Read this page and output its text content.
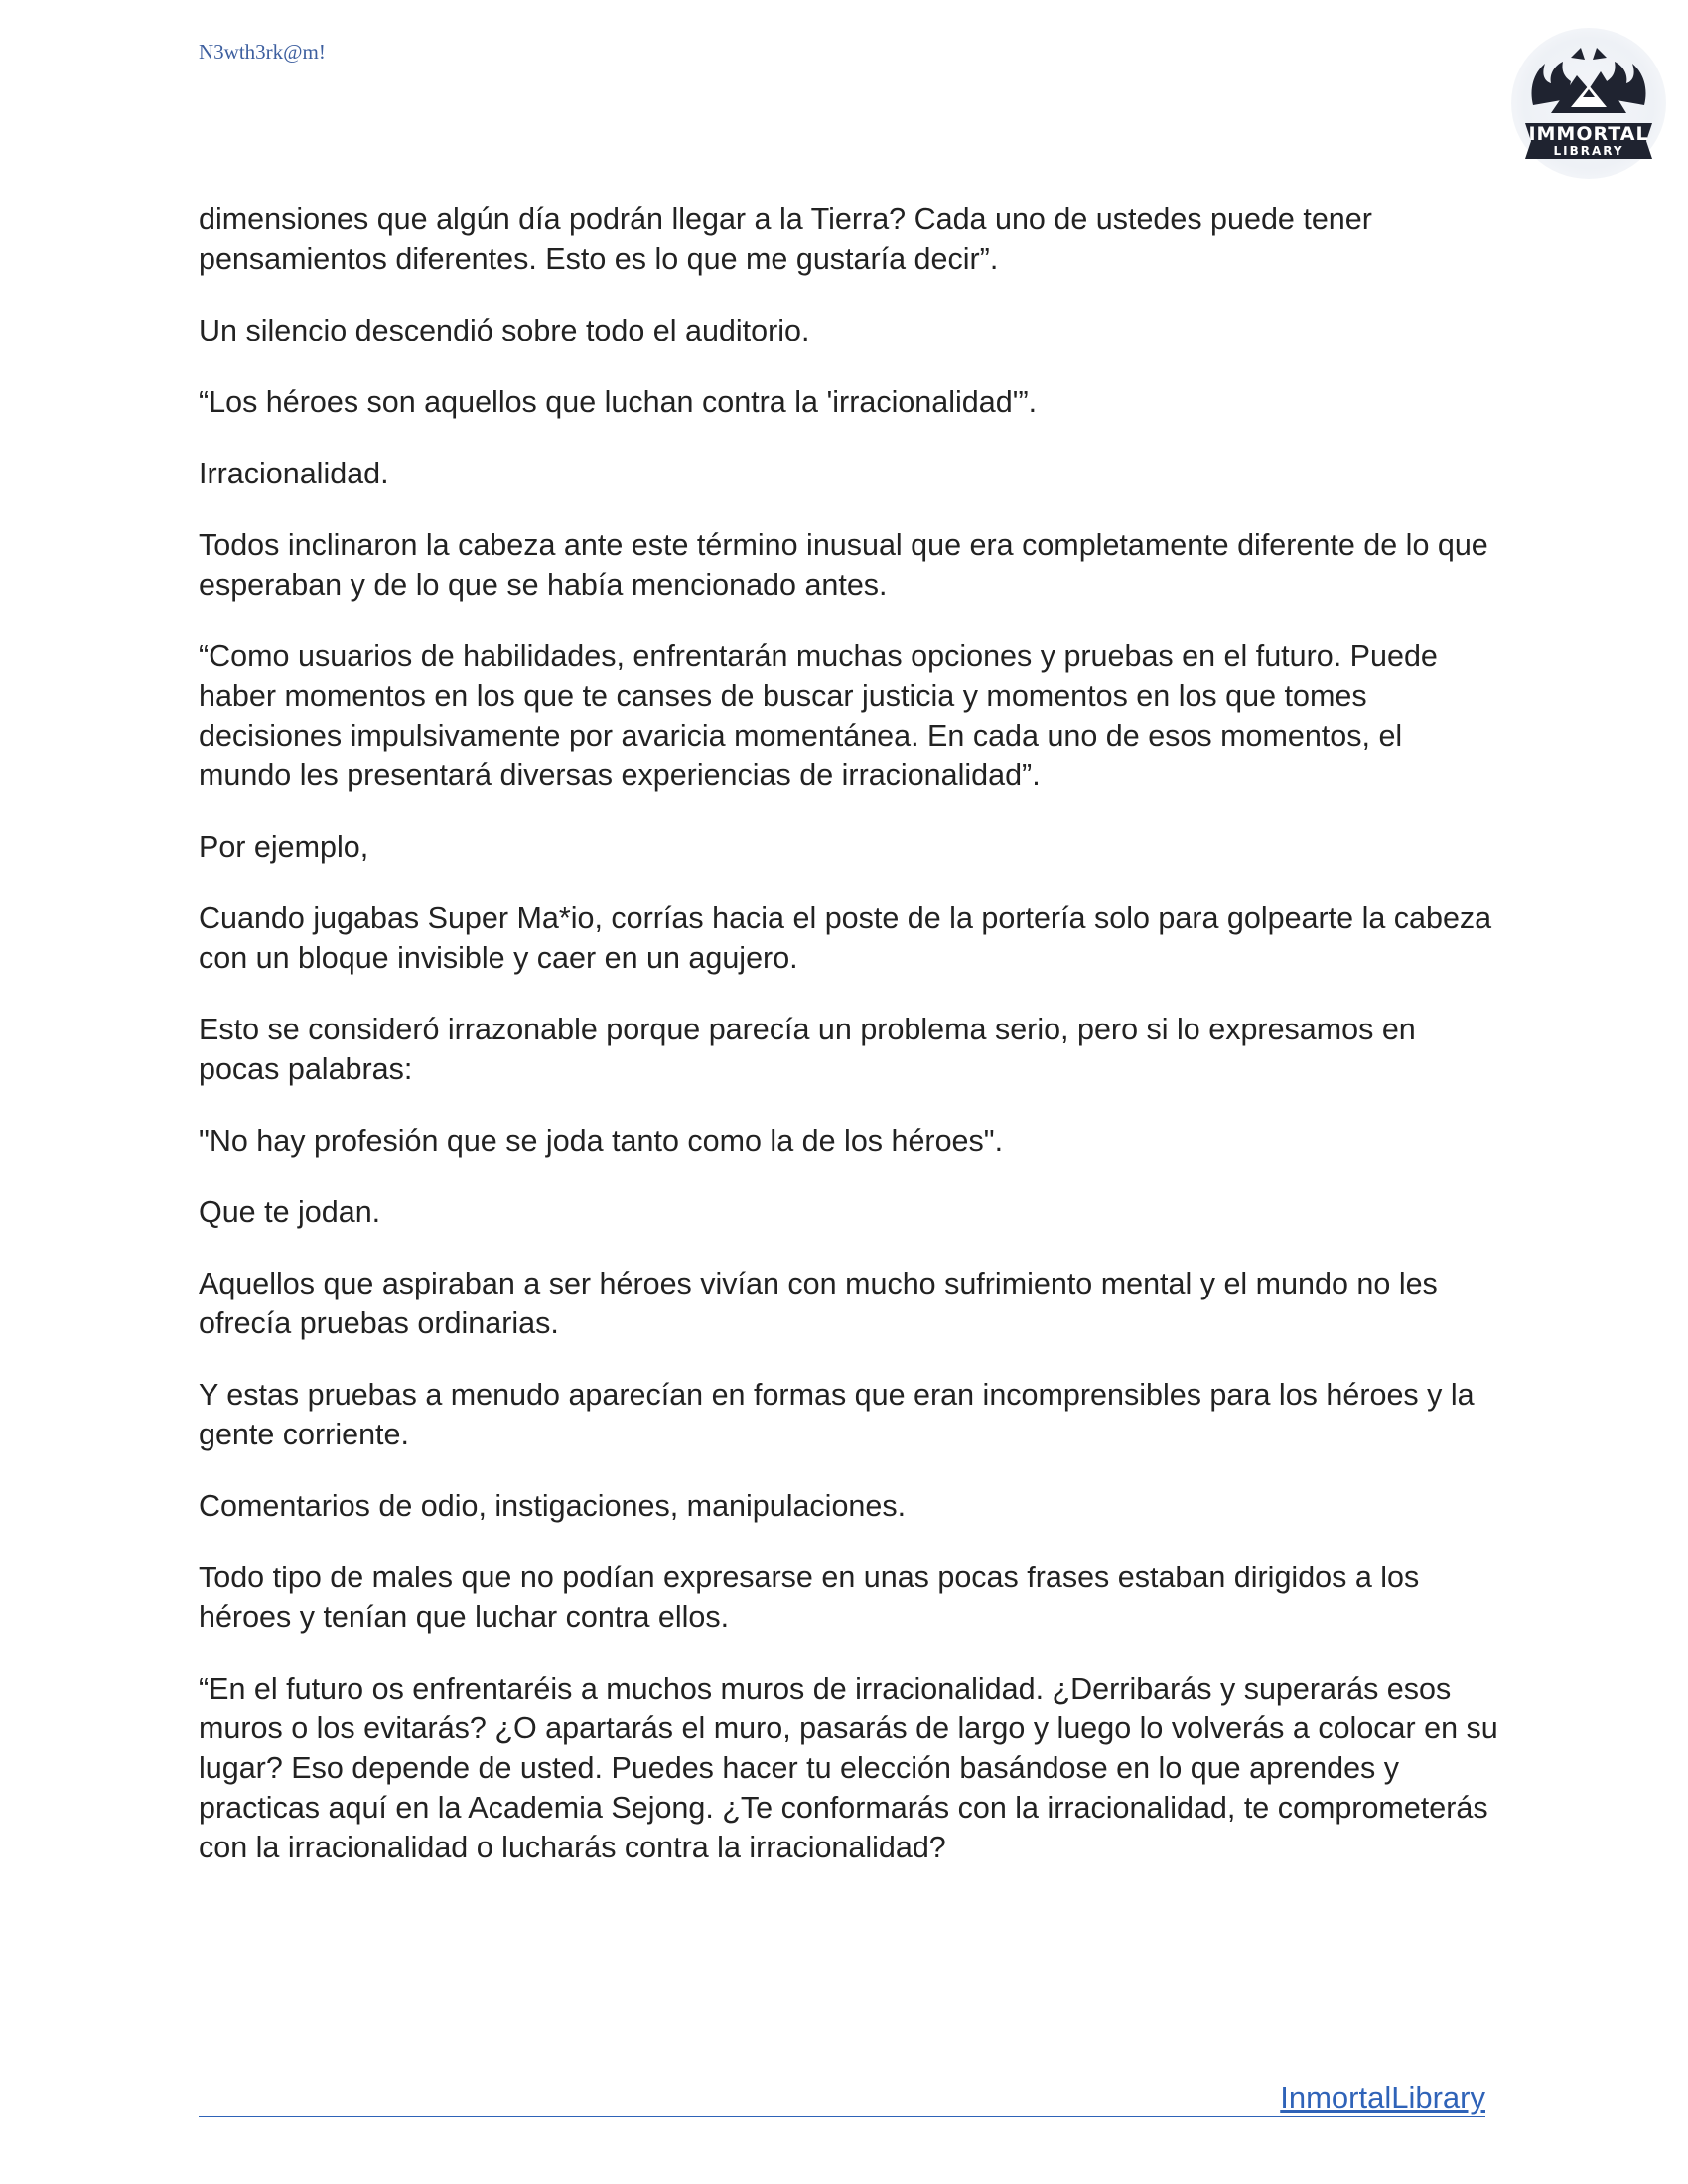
N3wth3rk@m!
IMMORTAL
LIBRARY

dimensiones que algún día podrán llegar a la Tierra? Cada uno de ustedes puede tener pensamientos diferentes. Esto es lo que me gustaría decir”.

Un silencio descendió sobre todo el auditorio.

“Los héroes son aquellos que luchan contra la 'irracionalidad'”.

Irracionalidad.

Todos inclinaron la cabeza ante este término inusual que era completamente diferente de lo que esperaban y de lo que se había mencionado antes.

“Como usuarios de habilidades, enfrentarán muchas opciones y pruebas en el futuro. Puede haber momentos en los que te canses de buscar justicia y momentos en los que tomes decisiones impulsivamente por avaricia momentánea. En cada uno de esos momentos, el mundo les presentará diversas experiencias de irracionalidad”.

Por ejemplo,

Cuando jugabas Super Ma*io, corrías hacia el poste de la portería solo para golpearte la cabeza con un bloque invisible y caer en un agujero.

Esto se consideró irrazonable porque parecía un problema serio, pero si lo expresamos en pocas palabras:

"No hay profesión que se joda tanto como la de los héroes".

Que te jodan.

Aquellos que aspiraban a ser héroes vivían con mucho sufrimiento mental y el mundo no les ofrecía pruebas ordinarias.

Y estas pruebas a menudo aparecían en formas que eran incomprensibles para los héroes y la gente corriente.

Comentarios de odio, instigaciones, manipulaciones.

Todo tipo de males que no podían expresarse en unas pocas frases estaban dirigidos a los héroes y tenían que luchar contra ellos.

“En el futuro os enfrentaréis a muchos muros de irracionalidad. ¿Derribarás y superarás esos muros o los evitarás? ¿O apartarás el muro, pasarás de largo y luego lo volverás a colocar en su lugar? Eso depende de usted. Puedes hacer tu elección basándose en lo que aprendes y practicas aquí en la Academia Sejong. ¿Te conformarás con la irracionalidad, te comprometerás con la irracionalidad o lucharás contra la irracionalidad?

InmortalLibrary
